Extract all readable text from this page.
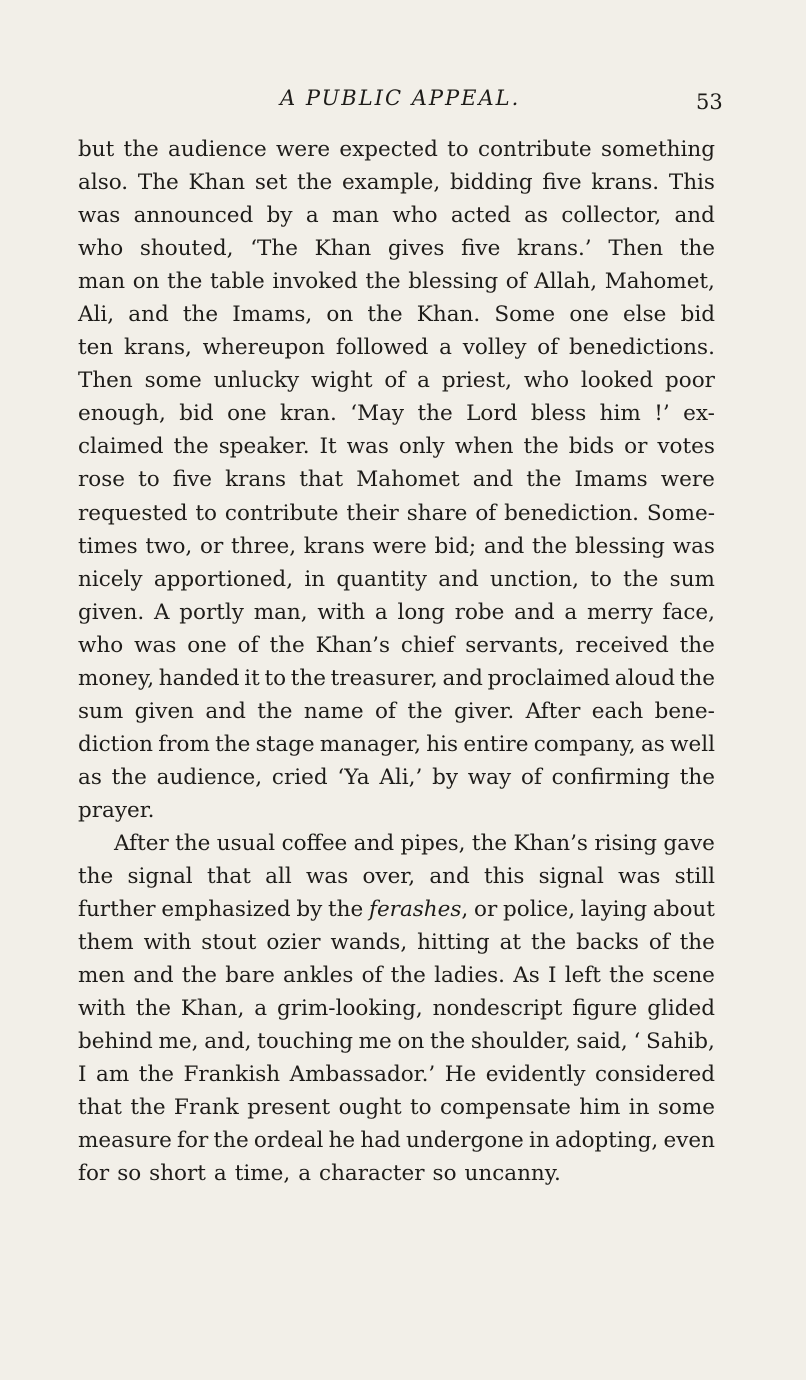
A PUBLIC APPEAL.	53
but the audience were expected to contribute something
also. The Khan set the example, bidding five krans. This
was announced by a man who acted as collector, and
who shouted, ‘The Khan gives five krans.’ Then the
man on the table invoked the blessing of Allah, Mahomet,
Ali, and the Imams, on the Khan. Some one else bid
ten krans, whereupon followed a volley of benedictions.
Then some unlucky wight of a priest, who looked poor
enough, bid one kran. ‘May the Lord bless him !’ ex-
claimed the speaker. It was only when the bids or votes
rose to five krans that Mahomet and the Imams were
requested to contribute their share of benediction. Some-
times two, or three, krans were bid; and the blessing was
nicely apportioned, in quantity and unction, to the sum
given. A portly man, with a long robe and a merry face,
who was one of the Khan’s chief servants, received the
money, handed it to the treasurer, and proclaimed aloud the
sum given and the name of the giver. After each bene-
diction from the stage manager, his entire company, as well
as the audience, cried ‘Ya Ali,’ by way of confirming the
prayer.
After the usual coffee and pipes, the Khan’s rising gave
the signal that all was over, and this signal was still
further emphasized by the ferashes, or police, laying about
them with stout ozier wands, hitting at the backs of the
men and the bare ankles of the ladies. As I left the scene
with the Khan, a grim-looking, nondescript figure glided
behind me, and, touching me on the shoulder, said, ‘ Sahib,
I am the Frankish Ambassador.’ He evidently considered
that the Frank present ought to compensate him in some
measure for the ordeal he had undergone in adopting, even
for so short a time, a character so uncanny.
